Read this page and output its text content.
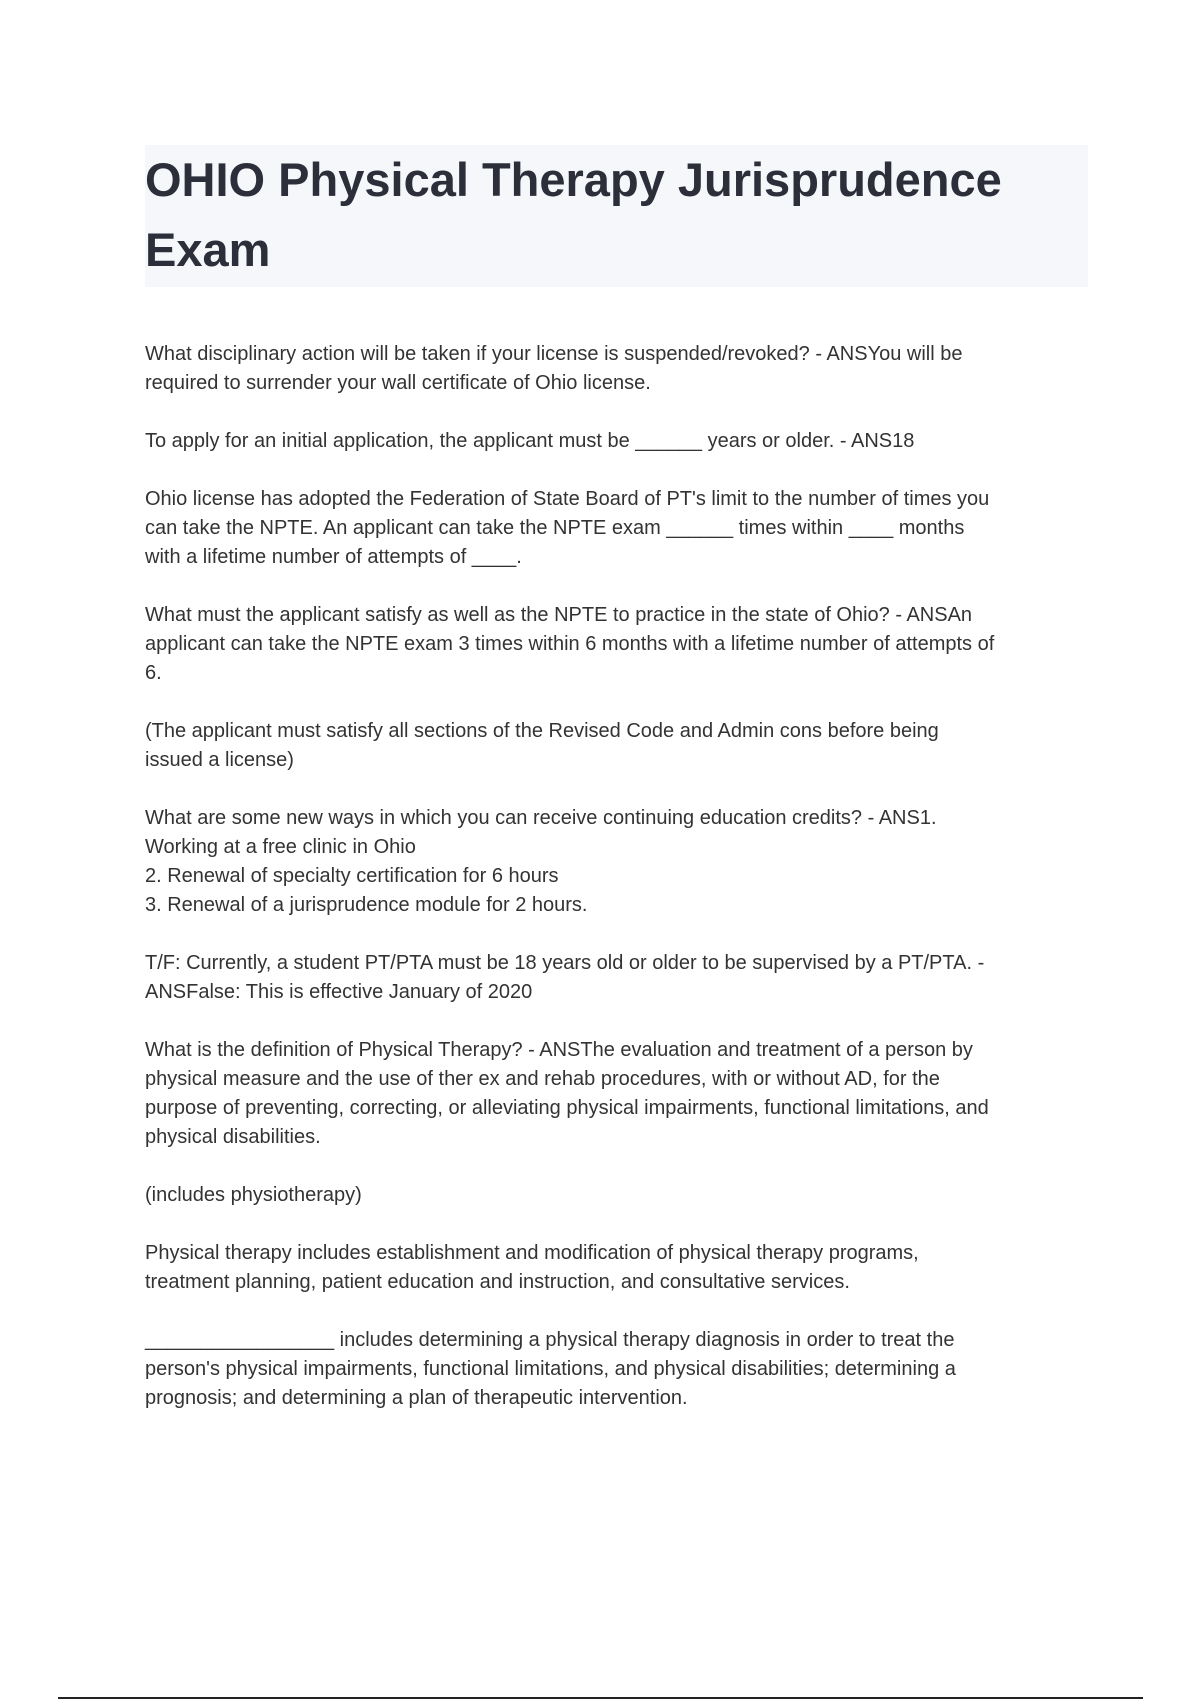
OHIO Physical Therapy Jurisprudence
Exam

What disciplinary action will be taken if your license is suspended/revoked? - ANSYou will be
required to surrender your wall certificate of Ohio license.

To apply for an initial application, the applicant must be ______ years or older. - ANS18

Ohio license has adopted the Federation of State Board of PT's limit to the number of times you
can take the NPTE. An applicant can take the NPTE exam ______ times within ____ months
with a lifetime number of attempts of ____.

What must the applicant satisfy as well as the NPTE to practice in the state of Ohio? - ANSAn
applicant can take the NPTE exam 3 times within 6 months with a lifetime number of attempts of
6.

(The applicant must satisfy all sections of the Revised Code and Admin cons before being
issued a license)

What are some new ways in which you can receive continuing education credits? - ANS1.
Working at a free clinic in Ohio
2. Renewal of specialty certification for 6 hours
3. Renewal of a jurisprudence module for 2 hours.

T/F: Currently, a student PT/PTA must be 18 years old or older to be supervised by a PT/PTA. -
ANSFalse: This is effective January of 2020

What is the definition of Physical Therapy? - ANSThe evaluation and treatment of a person by
physical measure and the use of ther ex and rehab procedures, with or without AD, for the
purpose of preventing, correcting, or alleviating physical impairments, functional limitations, and
physical disabilities.

(includes physiotherapy)

Physical therapy includes establishment and modification of physical therapy programs,
treatment planning, patient education and instruction, and consultative services.

_________________ includes determining a physical therapy diagnosis in order to treat the
person's physical impairments, functional limitations, and physical disabilities; determining a
prognosis; and determining a plan of therapeutic intervention.
